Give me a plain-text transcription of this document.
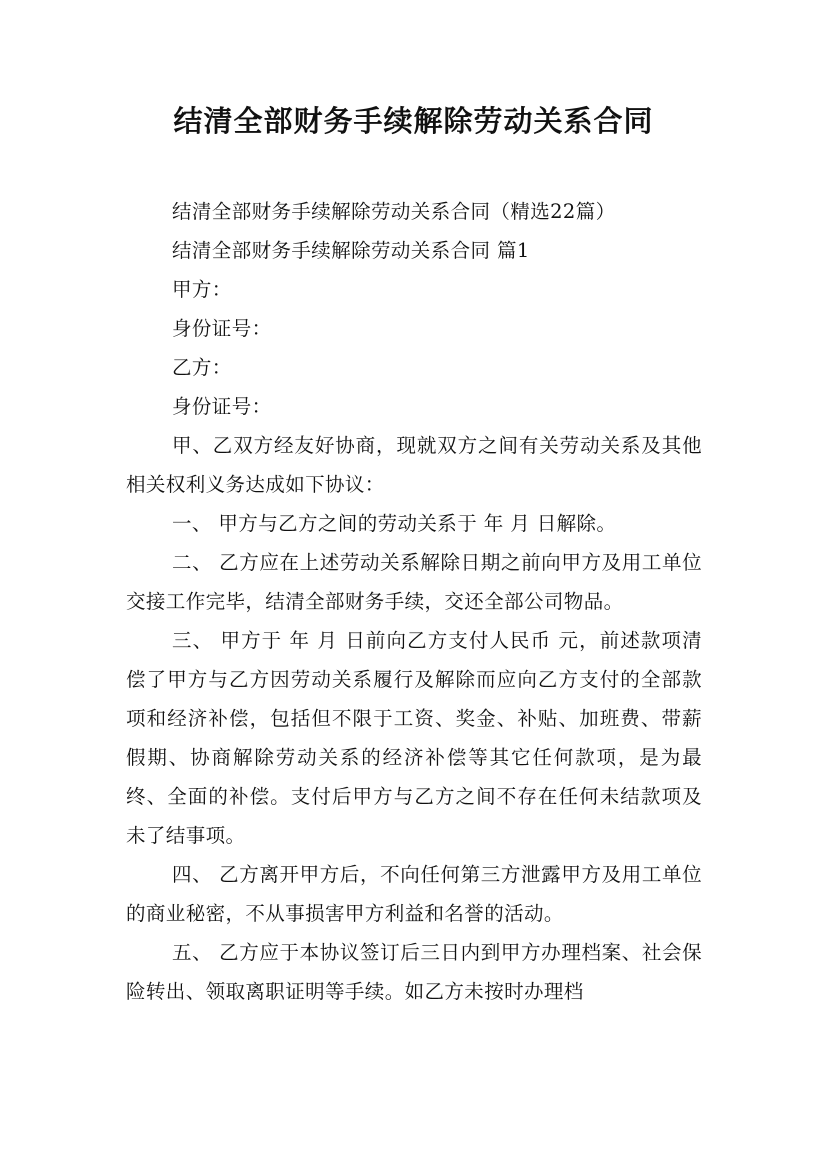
结清全部财务手续解除劳动关系合同

结清全部财务手续解除劳动关系合同（精选22篇）

结清全部财务手续解除劳动关系合同 篇1

甲方：

身份证号：

乙方：

身份证号：

甲、乙双方经友好协商，现就双方之间有关劳动关系及其他相关权利义务达成如下协议：

一、 甲方与乙方之间的劳动关系于 年 月 日解除。

二、 乙方应在上述劳动关系解除日期之前向甲方及用工单位交接工作完毕，结清全部财务手续，交还全部公司物品。

三、 甲方于 年 月 日前向乙方支付人民币 元，前述款项清偿了甲方与乙方因劳动关系履行及解除而应向乙方支付的全部款项和经济补偿，包括但不限于工资、奖金、补贴、加班费、带薪假期、协商解除劳动关系的经济补偿等其它任何款项，是为最终、全面的补偿。支付后甲方与乙方之间不存在任何未结款项及未了结事项。

四、 乙方离开甲方后，不向任何第三方泄露甲方及用工单位的商业秘密，不从事损害甲方利益和名誉的活动。

五、 乙方应于本协议签订后三日内到甲方办理档案、社会保险转出、领取离职证明等手续。如乙方未按时办理档
